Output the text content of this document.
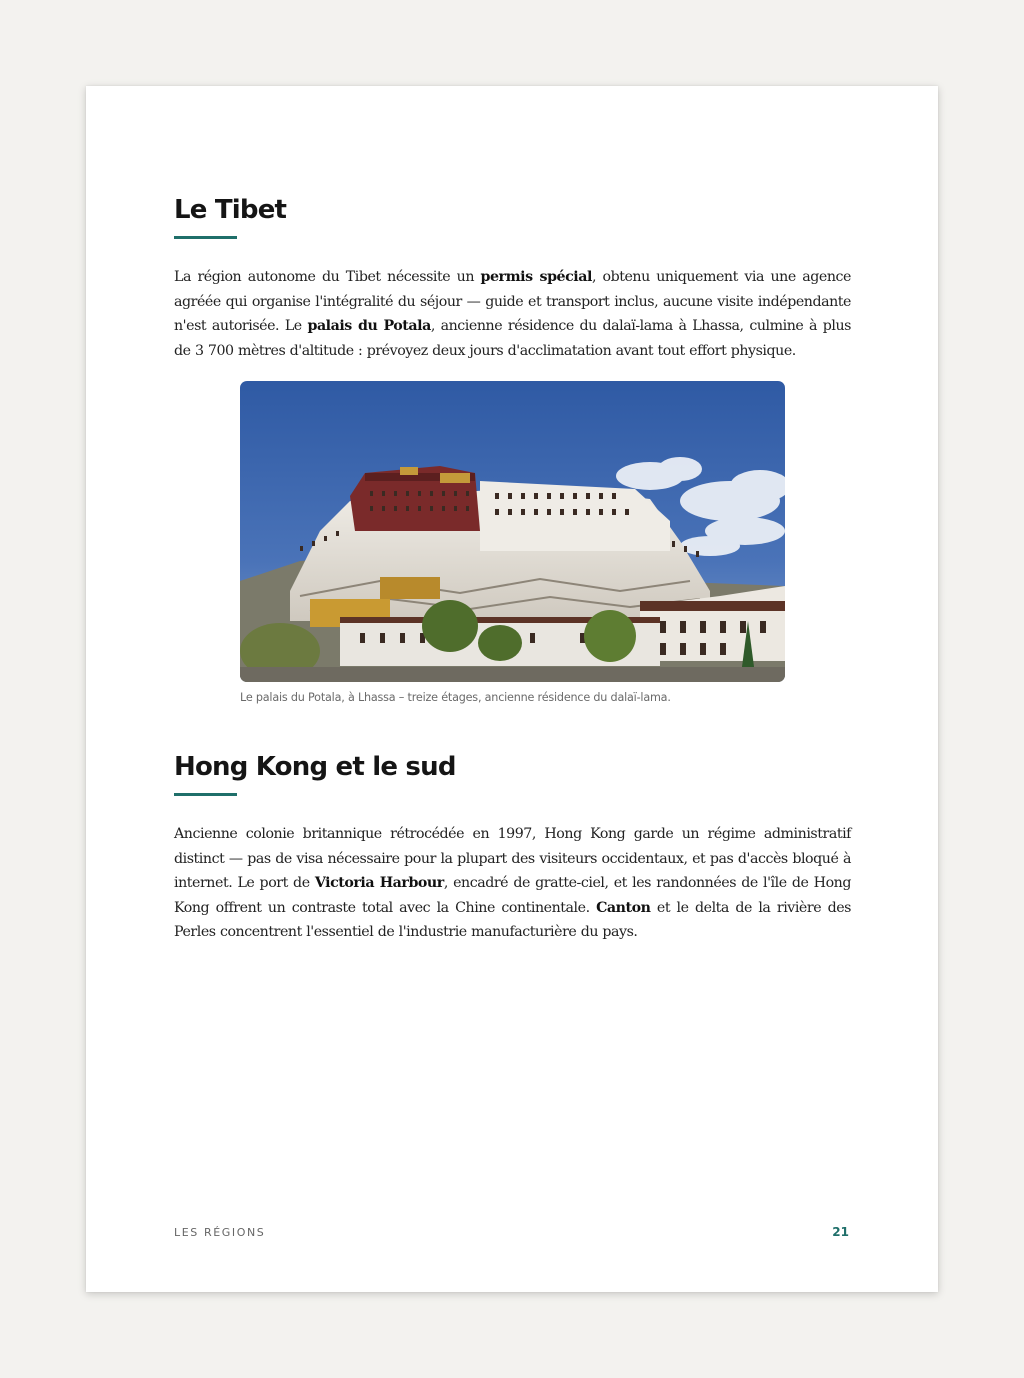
Le Tibet

La région autonome du Tibet nécessite un permis spécial, obtenu uniquement via une agence agréée qui organise l'intégralité du séjour — guide et transport inclus, aucune visite indépendante n'est autorisée. Le palais du Potala, ancienne résidence du dalaï-lama à Lhassa, culmine à plus de 3 700 mètres d'altitude : prévoyez deux jours d'acclimatation avant tout effort physique.

Le palais du Potala, à Lhassa – treize étages, ancienne résidence du dalaï-lama.
Hong Kong et le sud

Ancienne colonie britannique rétrocédée en 1997, Hong Kong garde un régime administratif distinct — pas de visa nécessaire pour la plupart des visiteurs occidentaux, et pas d'accès bloqué à internet. Le port de Victoria Harbour, encadré de gratte-ciel, et les randonnées de l'île de Hong Kong offrent un contraste total avec la Chine continentale. Canton et le delta de la rivière des Perles concentrent l'essentiel de l'industrie manufacturière du pays.

LES RÉGIONS	21
